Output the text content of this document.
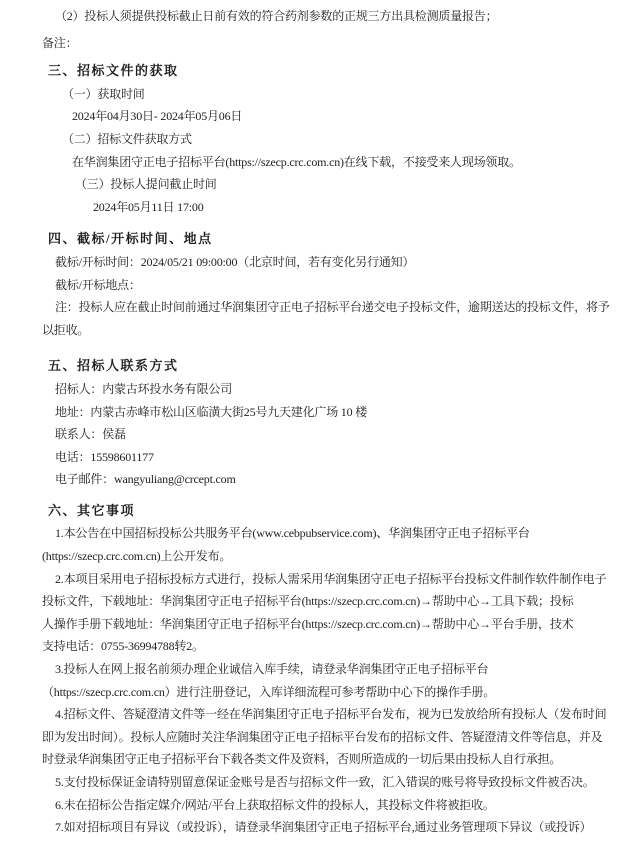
（2）投标人须提供投标截止日前有效的符合药剂参数的正规三方出具检测质量报告；

备注：

三、招标文件的获取

（一）获取时间

2024年04月30日- 2024年05月06日

（二）招标文件获取方式

在华润集团守正电子招标平台(https://szecp.crc.com.cn)在线下载，不接受来人现场领取。

（三）投标人提问截止时间

2024年05月11日 17:00

四、截标/开标时间、地点

截标/开标时间：2024/05/21 09:00:00（北京时间，若有变化另行通知）

截标/开标地点：

注：投标人应在截止时间前通过华润集团守正电子招标平台递交电子投标文件，逾期送达的投标文件，将予

以拒收。

五、招标人联系方式

招标人：内蒙古环投水务有限公司

地址：内蒙古赤峰市松山区临潢大街25号九天建化广场 10 楼

联系人：侯磊

电话：15598601177

电子邮件：wangyuliang@crcept.com

六、其它事项

1.本公告在中国招标投标公共服务平台(www.cebpubservice.com)、华润集团守正电子招标平台

(https://szecp.crc.com.cn)上公开发布。

2.本项目采用电子招标投标方式进行，投标人需采用华润集团守正电子招标平台投标文件制作软件制作电子

投标文件，下载地址：华润集团守正电子招标平台(https://szecp.crc.com.cn)→帮助中心→工具下载；投标

人操作手册下载地址：华润集团守正电子招标平台(https://szecp.crc.com.cn)→帮助中心→平台手册，技术

支持电话：0755-36994788转2。

3.投标人在网上报名前须办理企业诚信入库手续，请登录华润集团守正电子招标平台

（https://szecp.crc.com.cn）进行注册登记，入库详细流程可参考帮助中心下的操作手册。

4.招标文件、答疑澄清文件等一经在华润集团守正电子招标平台发布，视为已发放给所有投标人（发布时间

即为发出时间）。投标人应随时关注华润集团守正电子招标平台发布的招标文件、答疑澄清文件等信息，并及

时登录华润集团守正电子招标平台下载各类文件及资料，否则所造成的一切后果由投标人自行承担。

5.支付投标保证金请特别留意保证金账号是否与招标文件一致，汇入错误的账号将导致投标文件被否决。

6.未在招标公告指定媒介/网站/平台上获取招标文件的投标人，其投标文件将被拒收。

7.如对招标项目有异议（或投诉），请登录华润集团守正电子招标平台,通过业务管理项下异议（或投诉）
